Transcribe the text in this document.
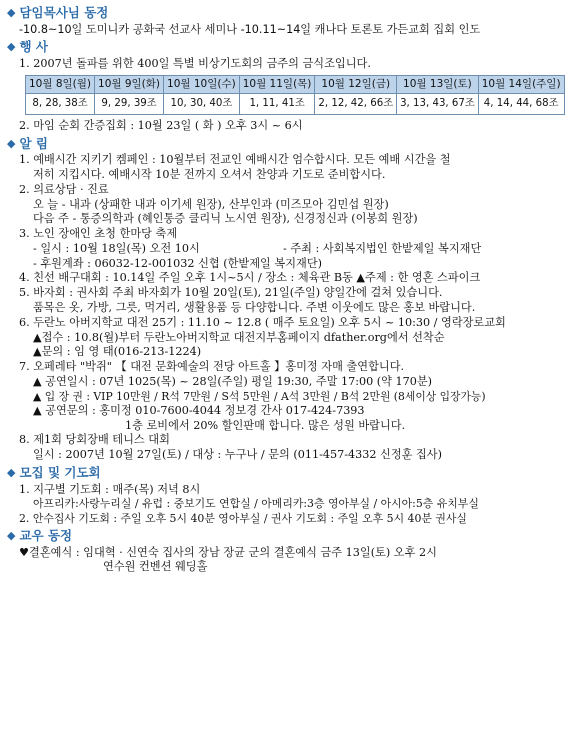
◆ 담임목사님 동정
-10.8~10일 도미니카 공화국 선교사 세미나 -10.11~14일 캐나다 토론토 가든교회 집회 인도
◆ 행 사
1. 2007년 돌파를 위한 400일 특별 비상기도회의 금주의 금식조입니다.
10월 8일(월)	10월 9일(화)	10월 10일(수)	10월 11일(목)	10월 12일(금)	10월 13일(토)	10월 14일(주일)
8, 28, 38조	9, 29, 39조	10, 30, 40조	1, 11, 41조	2, 12, 42, 66조	3, 13, 43, 67조	4, 14, 44, 68조
2. 마임 순회 간증집회 : 10월 23일 ( 화 ) 오후 3시 ~ 6시
◆ 알 림
1. 예배시간 지키기 켐페인 : 10월부터 전교인 예배시간 엄수합시다. 모든 예배 시간을 철
저히 지킵시다. 예배시작 10분 전까지 오셔서 찬양과 기도로 준비합시다.
2. 의료상담 · 진료
오 늘 - 내과 (상패한 내과 이기세 원장), 산부인과 (미즈모아 김민섭 원장)
다음 주 - 통증의학과 (혜인통증 클리닉 노시연 원장), 신경정신과 (이봉희 원장)
3. 노인 장애인 초청 한마당 축제
- 일시 : 10월 18일(목) 오전 10시	- 주최 : 사회복지법인 한밭제일 복지재단
- 후원계좌 : 06032-12-001032 신협 (한밭제일 복지재단)
4. 친선 배구대회 : 10.14일 주일 오후 1시~5시 / 장소 : 체육관 B동 ▲주제 : 한 영혼 스파이크
5. 바자회 : 권사회 주최 바자회가 10월 20일(토), 21일(주일) 양일간에 걸쳐 있습니다.
품목은 옷, 가방, 그릇, 먹거리, 생활용품 등 다양합니다. 주변 이웃에도 많은 홍보 바랍니다.
6. 두란노 아버지학교 대전 25기 : 11.10 ~ 12.8 ( 매주 토요일) 오후 5시 ~ 10:30 / 영락장로교회
▲접수 : 10.8(월)부터 두란노아버지학교 대전지부홈페이지 dfather.org에서 선착순
▲문의 : 임 영 태(016-213-1224)
7. 오페레타 "박쥐" 【 대전 문화예술의 전당 아트홀 】홍미정 자매 출연합니다.
▲ 공연일시 : 07년 1025(목) ~ 28일(주일) 평일 19:30, 주말 17:00 (약 170분)
▲ 입 장 권 : VIP 10만원 / R석 7만원 / S석 5만원 / A석 3만원 / B석 2만원 (8세이상 입장가능)
▲ 공연문의 : 홍미정 010-7600-4044 정보경 간사 017-424-7393
1층 로비에서 20% 할인판매 합니다. 많은 성원 바랍니다.
8. 제1회 당회장배 테니스 대회
일시 : 2007년 10월 27일(토) / 대상 : 누구나 / 문의 (011-457-4332 신정훈 집사)
◆ 모집 및 기도회
1. 지구별 기도회 : 매주(목) 저녁 8시
아프리카:사랑누리실 / 유럽 : 중보기도 연합실 / 아메리카:3층 영아부실 / 아시아:5층 유치부실
2. 안수집사 기도회 : 주일 오후 5시 40분 영아부실 / 권사 기도회 : 주일 오후 5시 40분 권사실
◆ 교우 동정
♥결혼예식 : 임대혁 · 신연숙 집사의 장남 장균 군의 결혼예식 금주 13일(토) 오후 2시
연수원 컨벤션 웨딩홀
